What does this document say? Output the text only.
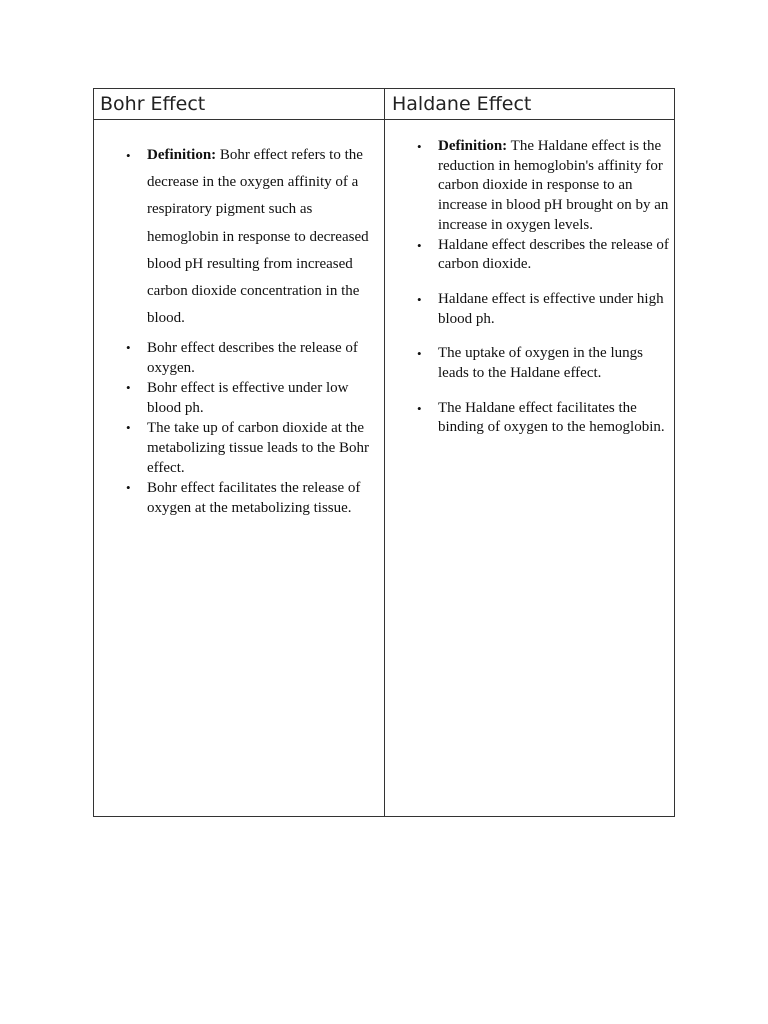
Bohr Effect	Haldane Effect
• Definition: Bohr effect refers to the decrease in the oxygen affinity of a respiratory pigment such as hemoglobin in response to decreased blood pH resulting from increased carbon dioxide concentration in the blood.
• Bohr effect describes the release of oxygen.
• Bohr effect is effective under low blood ph.
• The take up of carbon dioxide at the metabolizing tissue leads to the Bohr effect.
• Bohr effect facilitates the release of oxygen at the metabolizing tissue.
• Definition: The Haldane effect is the reduction in hemoglobin's affinity for carbon dioxide in response to an increase in blood pH brought on by an increase in oxygen levels.
• Haldane effect describes the release of carbon dioxide.
• Haldane effect is effective under high blood ph.
• The uptake of oxygen in the lungs leads to the Haldane effect.
• The Haldane effect facilitates the binding of oxygen to the hemoglobin.
